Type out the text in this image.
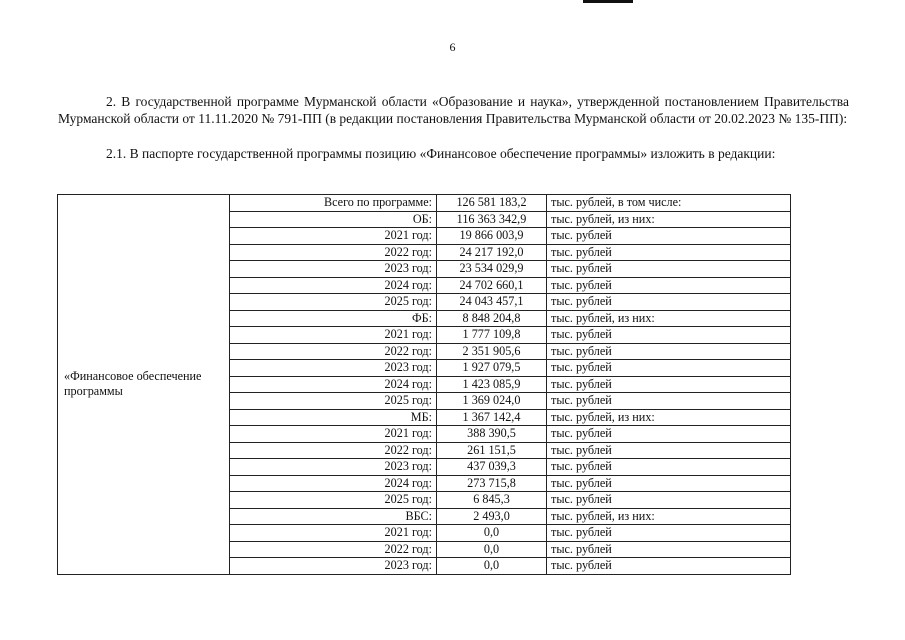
6

2. В государственной программе Мурманской области «Образование и наука», утвержденной постановлением Правительства Мурманской области от 11.11.2020 № 791-ПП (в редакции постановления Правительства Мурманской области от 20.02.2023 № 135-ПП):

2.1. В паспорте государственной программы позицию «Финансовое обеспечение программы» изложить в редакции:

«Финансовое обеспечение программы	Всего по программе:	126 581 183,2	тыс. рублей, в том числе:
	ОБ:	116 363 342,9	тыс. рублей, из них:
	2021 год:	19 866 003,9	тыс. рублей
	2022 год:	24 217 192,0	тыс. рублей
	2023 год:	23 534 029,9	тыс. рублей
	2024 год:	24 702 660,1	тыс. рублей
	2025 год:	24 043 457,1	тыс. рублей
	ФБ:	8 848 204,8	тыс. рублей, из них:
	2021 год:	1 777 109,8	тыс. рублей
	2022 год:	2 351 905,6	тыс. рублей
	2023 год:	1 927 079,5	тыс. рублей
	2024 год:	1 423 085,9	тыс. рублей
	2025 год:	1 369 024,0	тыс. рублей
	МБ:	1 367 142,4	тыс. рублей, из них:
	2021 год:	388 390,5	тыс. рублей
	2022 год:	261 151,5	тыс. рублей
	2023 год:	437 039,3	тыс. рублей
	2024 год:	273 715,8	тыс. рублей
	2025 год:	6 845,3	тыс. рублей
	ВБС:	2 493,0	тыс. рублей, из них:
	2021 год:	0,0	тыс. рублей
	2022 год:	0,0	тыс. рублей
	2023 год:	0,0	тыс. рублей
